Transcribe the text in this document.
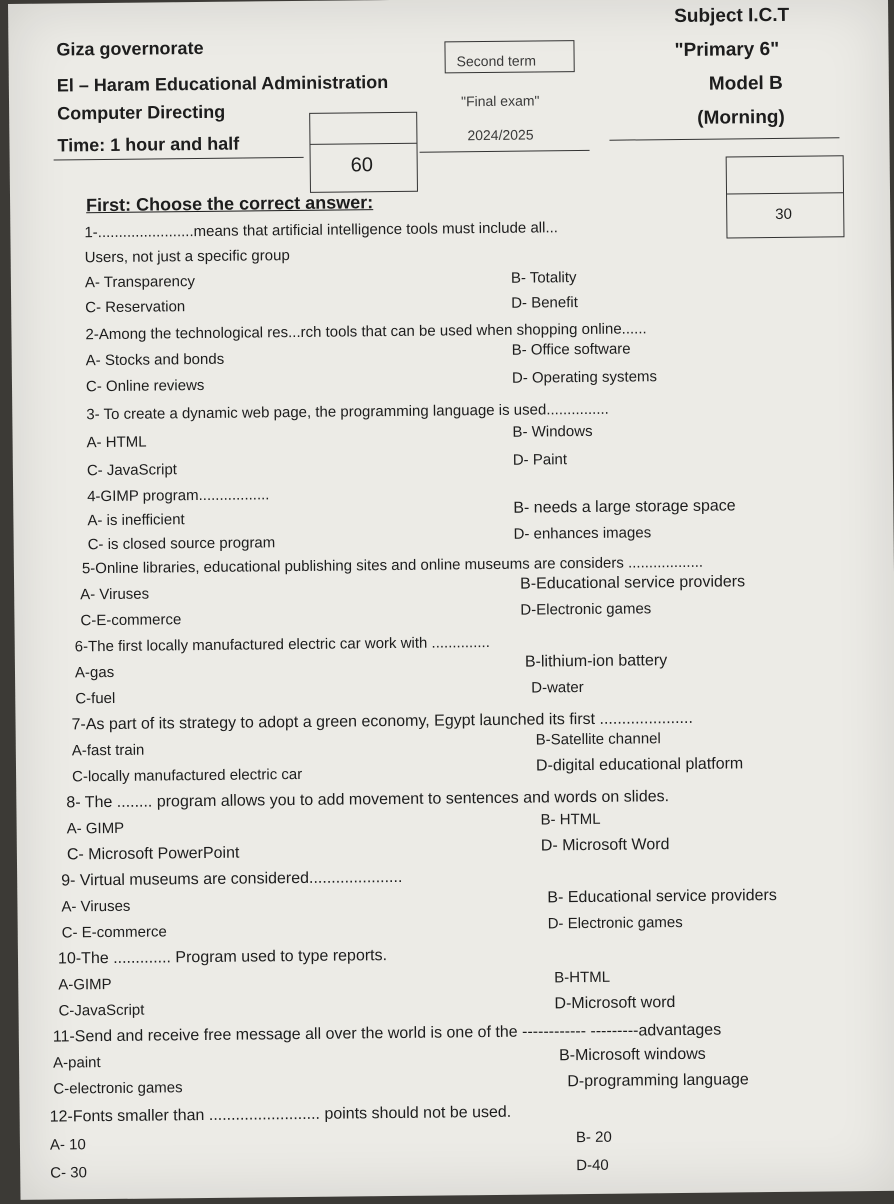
Giza governorate
El – Haram Educational Administration
Computer Directing
Time: 1 hour and half
Second term
"Final exam"
2024/2025
60
Subject I.C.T
"Primary 6"
Model B
(Morning)
30
First: Choose the correct answer:
1-.......................means that artificial intelligence tools must include all...
Users, not just a specific group
A- Transparency	B- Totality
C- Reservation	D- Benefit
2-Among the technological res...rch tools that can be used when shopping online......
A- Stocks and bonds
B- Office software
C- Online reviews	D- Operating systems
3- To create a dynamic web page, the programming language is used...............
A- HTML
B- Windows
C- JavaScript
D- Paint
4-GIMP program.................
A- is inefficient
B- needs a large storage space
C- is closed source program
D- enhances images
5-Online libraries, educational publishing sites and online museums are considers ..................
A- Viruses
B-Educational service providers
C-E-commerce
D-Electronic games
6-The first locally manufactured electric car work with ..............
A-gas
B-lithium-ion battery
C-fuel
D-water
7-As part of its strategy to adopt a green economy, Egypt launched its first .....................
A-fast train
B-Satellite channel
C-locally manufactured electric car
D-digital educational platform
8- The ........ program allows you to add movement to sentences and words on slides.
A- GIMP
B- HTML
C- Microsoft PowerPoint	D- Microsoft Word
9- Virtual museums are considered.....................
A- Viruses
B- Educational service providers
C- E-commerce
D- Electronic games
10-The ............. Program used to type reports.
A-GIMP	B-HTML
C-JavaScript	D-Microsoft word
11-Send and receive free message all over the world is one of the ------------ ---------advantages
A-paint	B-Microsoft windows
C-electronic games	D-programming language
12-Fonts smaller than ......................... points should not be used.
A- 10	B- 20
C- 30	D-40
